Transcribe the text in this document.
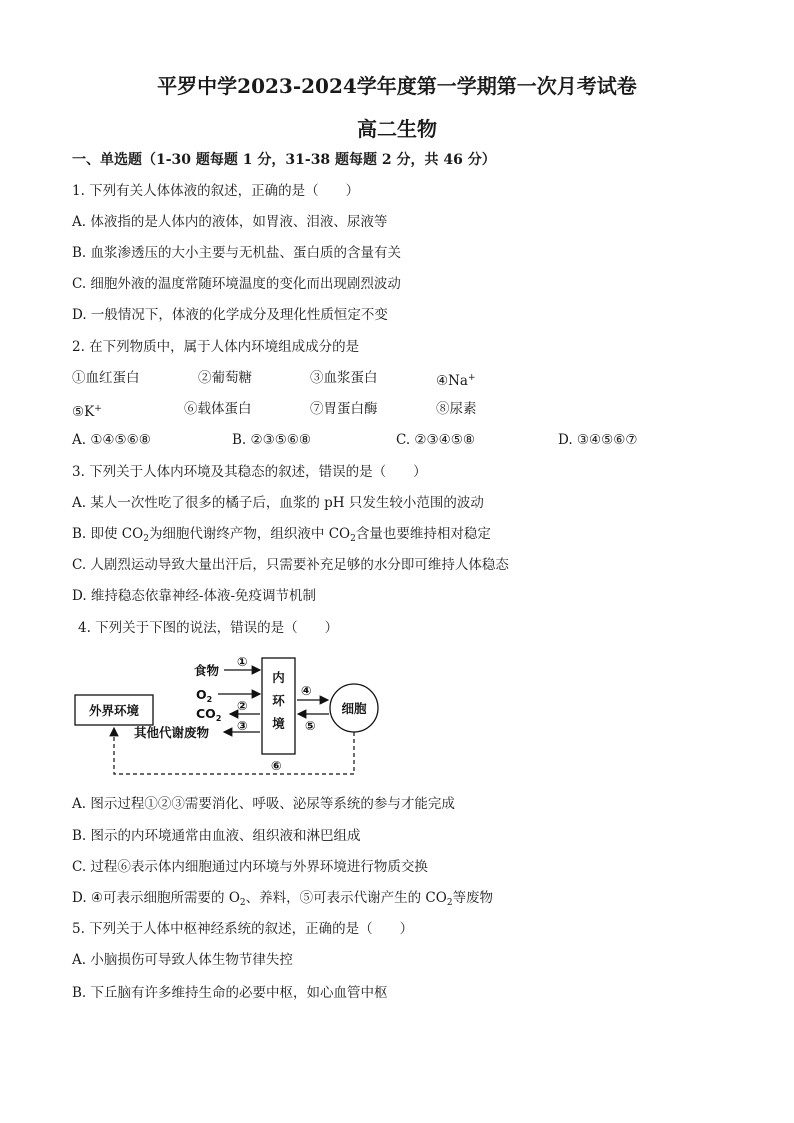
平罗中学2023-2024学年度第一学期第一次月考试卷
高二生物
一、单选题（1-30 题每题 1 分，31-38 题每题 2 分，共 46 分）
1. 下列有关人体体液的叙述，正确的是（　　）
A. 体液指的是人体内的液体，如胃液、泪液、尿液等
B. 血浆渗透压的大小主要与无机盐、蛋白质的含量有关
C. 细胞外液的温度常随环境温度的变化而出现剧烈波动
D. 一般情况下，体液的化学成分及理化性质恒定不变
2. 在下列物质中，属于人体内环境组成成分的是
①血红蛋白	②葡萄糖	③血浆蛋白	④Na+
⑤K+	⑥载体蛋白	⑦胃蛋白酶	⑧尿素
A. ①④⑤⑥⑧	B. ②③⑤⑥⑧	C. ②③④⑤⑧	D. ③④⑤⑥⑦
3. 下列关于人体内环境及其稳态的叙述，错误的是（　　）
A. 某人一次性吃了很多的橘子后，血浆的 pH 只发生较小范围的波动
B. 即使 $CO_2$为细胞代谢终产物，组织液中 $CO_2$含量也要维持相对稳定
C. 人剧烈运动导致大量出汗后，只需要补充足够的水分即可维持人体稳态
D. 维持稳态依靠神经-体液-免疫调节机制
4. 下列关于下图的说法，错误的是（　　）
外界环境
内
环
境
细胞
食物
①
$O_2$ ②
$CO_2$
其他代谢废物 ③
④
⑤
⑥
A. 图示过程①②③需要消化、呼吸、泌尿等系统的参与才能完成
B. 图示的内环境通常由血液、组织液和淋巴组成
C. 过程⑥表示体内细胞通过内环境与外界环境进行物质交换
D. ④可表示细胞所需要的 $O_2$、养料，⑤可表示代谢产生的 $CO_2$等废物
5. 下列关于人体中枢神经系统的叙述，正确的是（　　）
A. 小脑损伤可导致人体生物节律失控
B. 下丘脑有许多维持生命的必要中枢，如心血管中枢
